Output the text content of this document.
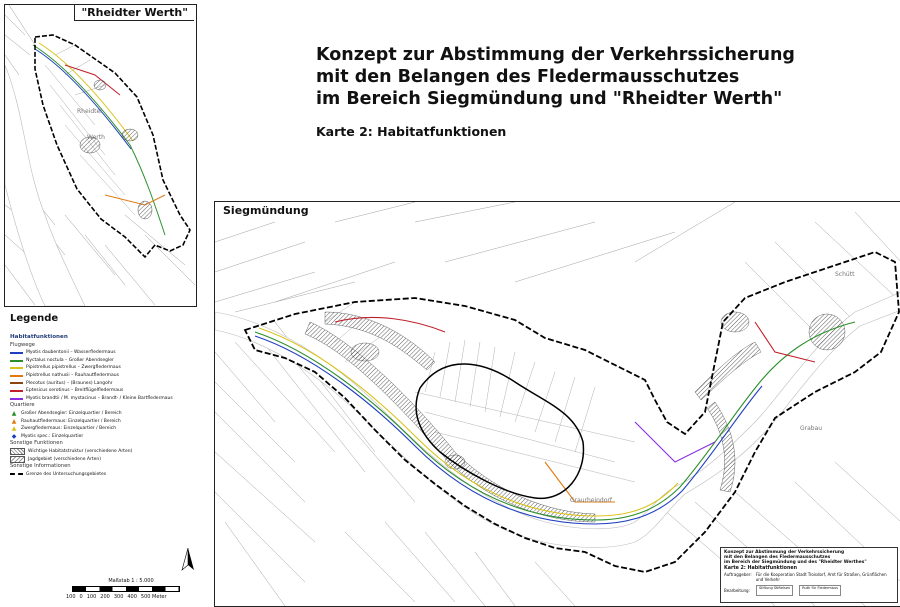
Konzept zur Abstimmung der Verkehrssicherung
mit den Belangen des Fledermausschutzes
im Bereich Siegmündung und "Rheidter Werth"
Karte 2: Habitatfunktionen
Rheidter
Werth
"Rheidter Werth"
Legende
Habitatfunktionen
Flugwege
Myotis daubentonii – Wasserfledermaus
Nyctalus noctula – Großer Abendsegler
Pipistrellus pipistrellus – Zwergfledermaus
Pipistrellus nathusii – Rauhautfledermaus
Plecotus (auritus) – (Braunes) Langohr
Eptesicus serotinus – Breitflügelfledermaus
Myotis brandtii / M. mystacinus – Brandt- / Kleine Bartfledermaus
Quartiere
▲	Großer Abendsegler: Einzelquartier / Bereich
▲	Rauhautfledermaus: Einzelquartier / Bereich
▲	Zwergfledermaus: Einzelquartier / Bereich
◆	Myotis spec.: Einzelquartier
Sonstige Funktionen
Wichtige Habitatstruktur (verschiedene Arten)
Jagdgebiet (verschiedene Arten)
Sonstige Informationen
Grenze des Untersuchungsgebietes
Maßstab 1 : 5.000
100 0 100 200 300 400 500 Meter
Siegmündung
Graurheindorf
Grabau
Schütt
Konzept zur Abstimmung der Verkehrssicherung
mit den Belangen des Fledermausschutzes
im Bereich der Siegmündung und des "Rheidter Werthes"
Karte 2: Habitatfunktionen
Auftraggeber: Für die Kooperation Stadt Troisdorf, Amt für Straßen, Grünflächen und Verkehr
Bearbeitung:	Stiftung Stiftelsen	Ruth für Fledermaus
